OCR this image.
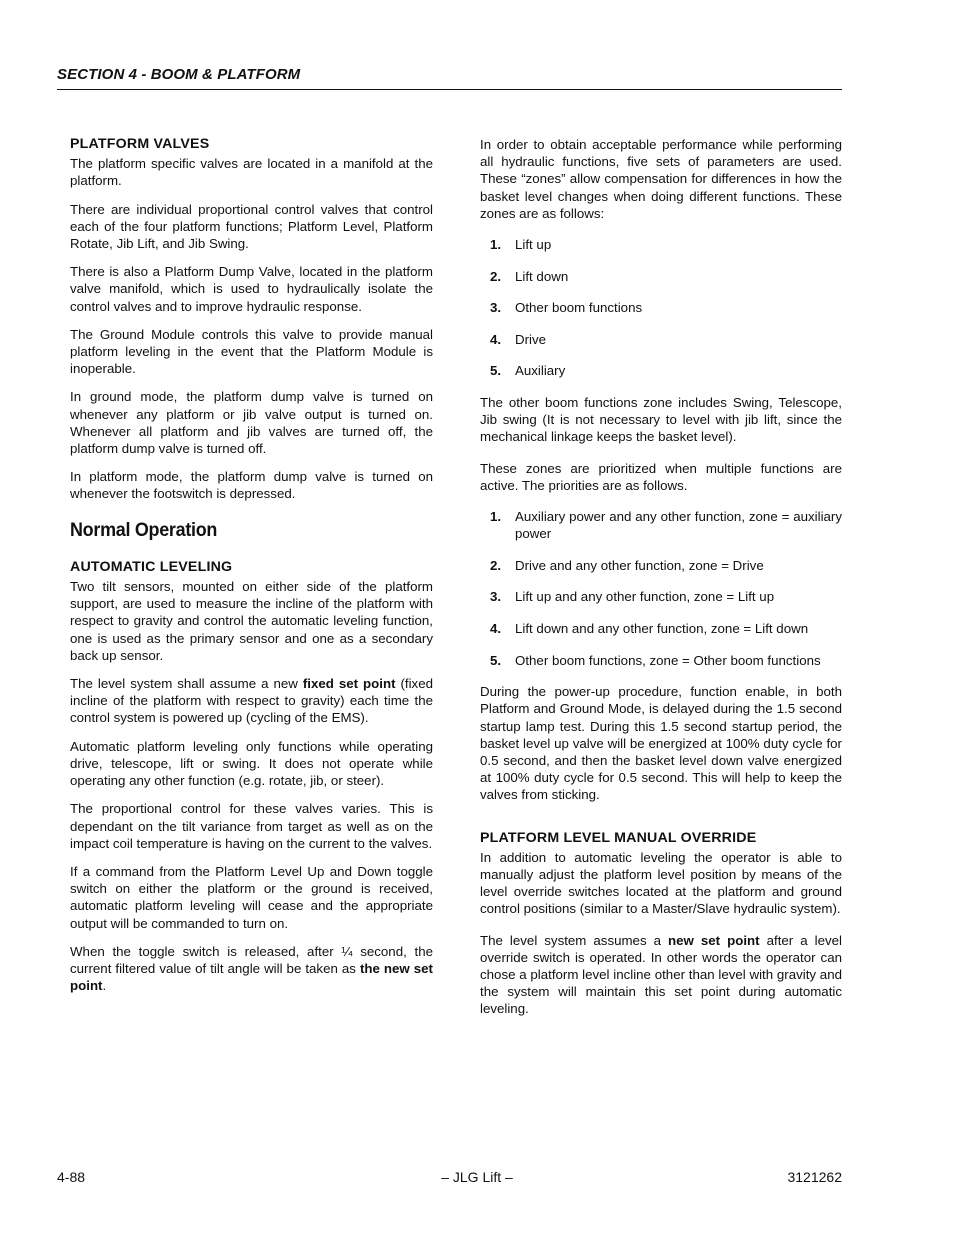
SECTION 4 - BOOM & PLATFORM
PLATFORM VALVES

The platform specific valves are located in a manifold at the platform.

There are individual proportional control valves that control each of the four platform functions; Platform Level, Platform Rotate, Jib Lift, and Jib Swing.

There is also a Platform Dump Valve, located in the platform valve manifold, which is used to hydraulically isolate the control valves and to improve hydraulic response.

The Ground Module controls this valve to provide manual platform leveling in the event that the Platform Module is inoperable.

In ground mode, the platform dump valve is turned on whenever any platform or jib valve output is turned on. Whenever all platform and jib valves are turned off, the platform dump valve is turned off.

In platform mode, the platform dump valve is turned on whenever the footswitch is depressed.

Normal Operation
AUTOMATIC LEVELING

Two tilt sensors, mounted on either side of the platform support, are used to measure the incline of the platform with respect to gravity and control the automatic leveling function, one is used as the primary sensor and one as a secondary back up sensor.

The level system shall assume a new fixed set point (fixed incline of the platform with respect to gravity) each time the control system is powered up (cycling of the EMS).

Automatic platform leveling only functions while operating drive, telescope, lift or swing. It does not operate while operating any other function (e.g. rotate, jib, or steer).

The proportional control for these valves varies. This is dependant on the tilt variance from target as well as on the impact coil temperature is having on the current to the valves.

If a command from the Platform Level Up and Down toggle switch on either the platform or the ground is received, automatic platform leveling will cease and the appropriate output will be commanded to turn on.

When the toggle switch is released, after ¼ second, the current filtered value of tilt angle will be taken as the new set point.

In order to obtain acceptable performance while performing all hydraulic functions, five sets of parameters are used. These “zones” allow compensation for differences in how the basket level changes when doing different functions. These zones are as follows:

1. Lift up
2. Lift down
3. Other boom functions
4. Drive
5. Auxiliary

The other boom functions zone includes Swing, Telescope, Jib swing (It is not necessary to level with jib lift, since the mechanical linkage keeps the basket level).

These zones are prioritized when multiple functions are active. The priorities are as follows.

1. Auxiliary power and any other function, zone = auxiliary power
2. Drive and any other function, zone = Drive
3. Lift up and any other function, zone = Lift up
4. Lift down and any other function, zone = Lift down
5. Other boom functions, zone = Other boom functions

During the power-up procedure, function enable, in both Platform and Ground Mode, is delayed during the 1.5 second startup lamp test. During this 1.5 second startup period, the basket level up valve will be energized at 100% duty cycle for 0.5 second, and then the basket level down valve energized at 100% duty cycle for 0.5 second. This will help to keep the valves from sticking.

PLATFORM LEVEL MANUAL OVERRIDE

In addition to automatic leveling the operator is able to manually adjust the platform level position by means of the level override switches located at the platform and ground control positions (similar to a Master/Slave hydraulic system).

The level system assumes a new set point after a level override switch is operated. In other words the operator can chose a platform level incline other than level with gravity and the system will maintain this set point during automatic leveling.

4-88	– JLG Lift –	3121262
